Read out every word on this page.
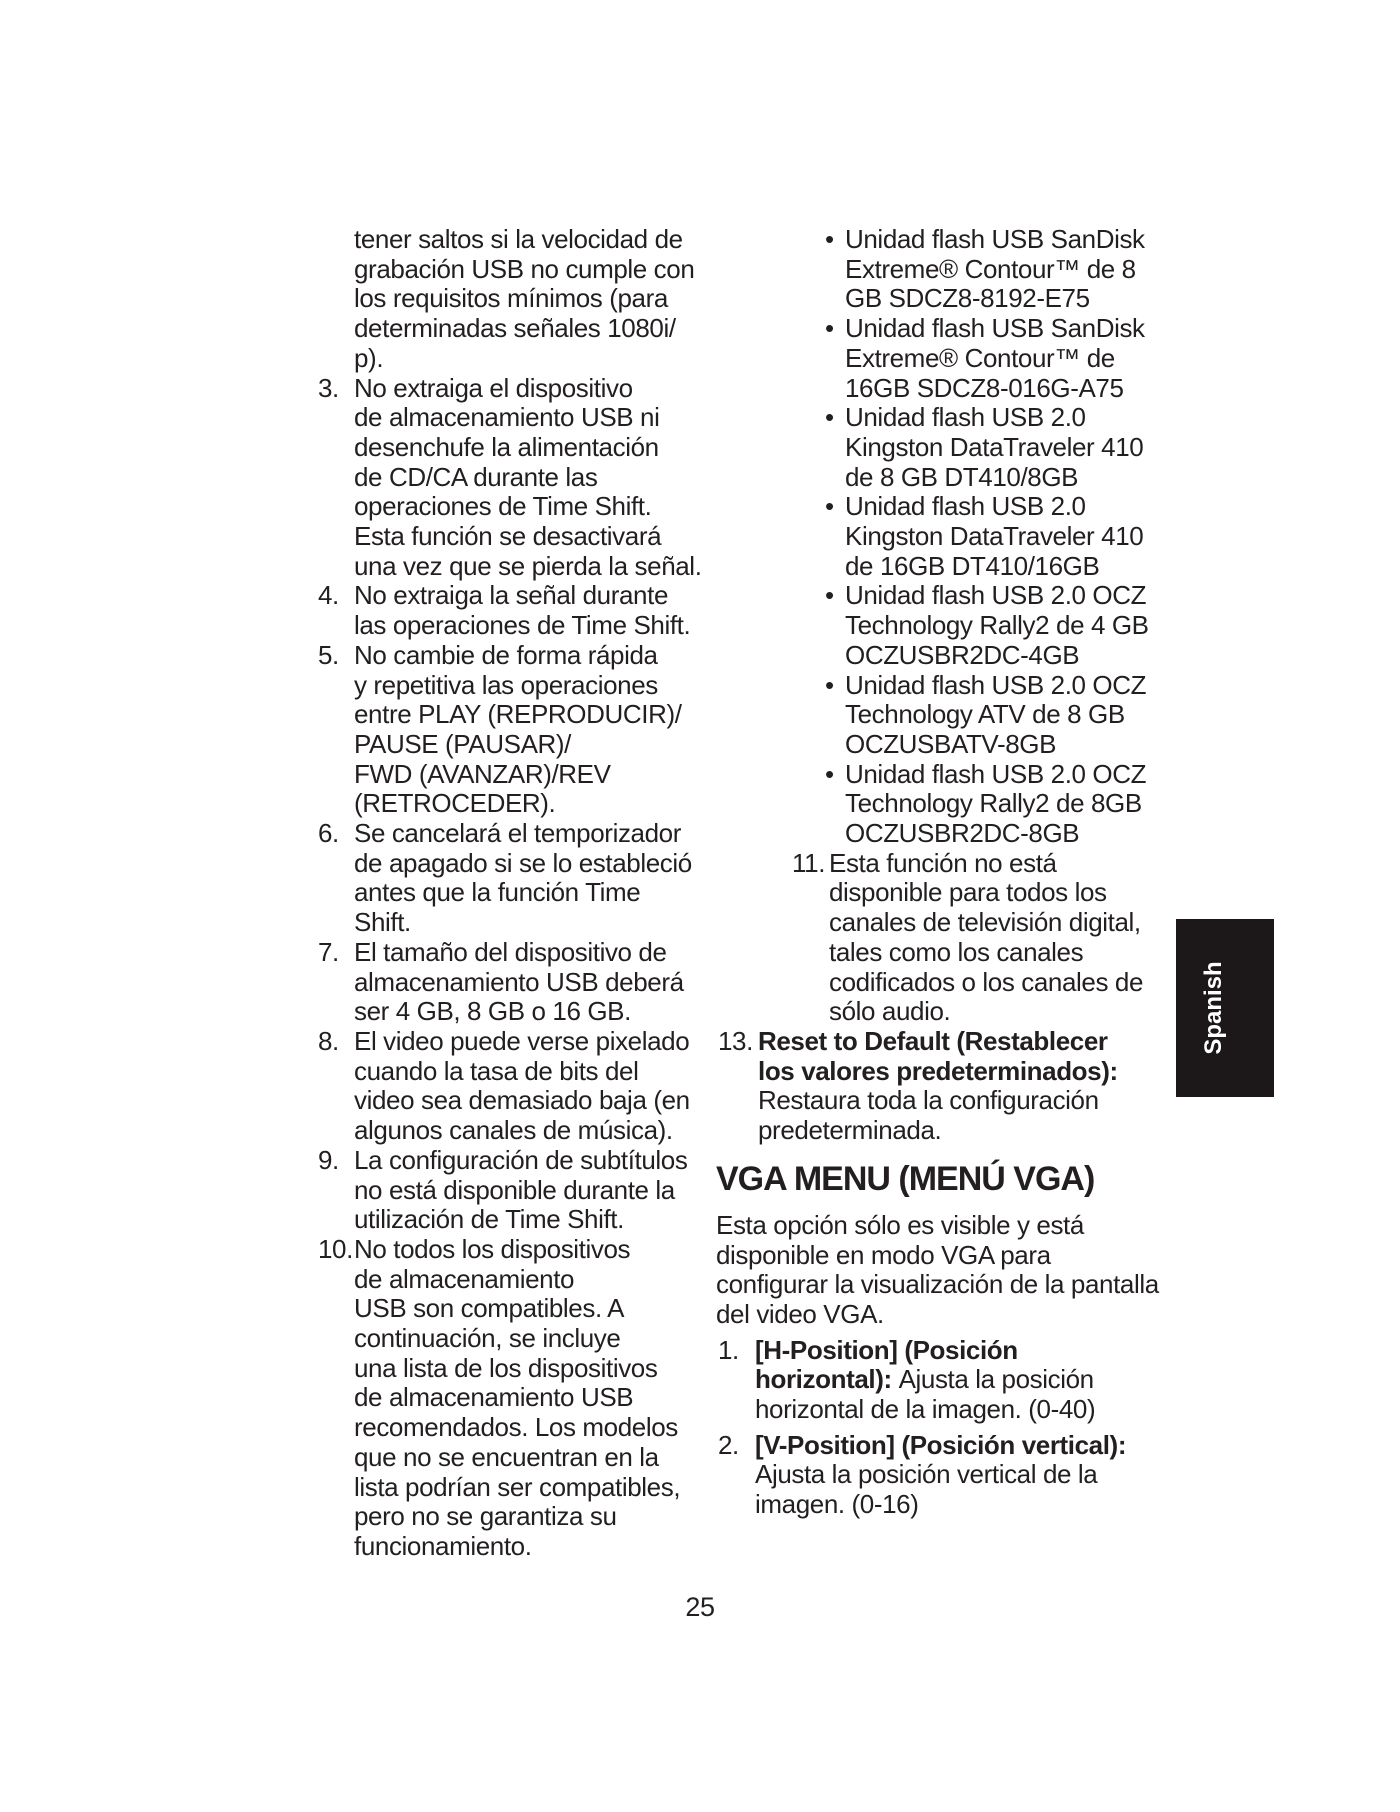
tener saltos si la velocidad de
grabación USB no cumple con
los requisitos mínimos (para
determinadas señales 1080i/
p).
3. No extraiga el dispositivo
de almacenamiento USB ni
desenchufe la alimentación
de CD/CA durante las
operaciones de Time Shift.
Esta función se desactivará
una vez que se pierda la señal.
4. No extraiga la señal durante
las operaciones de Time Shift.
5. No cambie de forma rápida
y repetitiva las operaciones
entre PLAY (REPRODUCIR)/
PAUSE (PAUSAR)/
FWD (AVANZAR)/REV
(RETROCEDER).
6. Se cancelará el temporizador
de apagado si se lo estableció
antes que la función Time
Shift.
7. El tamaño del dispositivo de
almacenamiento USB deberá
ser 4 GB, 8 GB o 16 GB.
8. El video puede verse pixelado
cuando la tasa de bits del
video sea demasiado baja (en
algunos canales de música).
9. La configuración de subtítulos
no está disponible durante la
utilización de Time Shift.
10. No todos los dispositivos
de almacenamiento
USB son compatibles. A
continuación, se incluye
una lista de los dispositivos
de almacenamiento USB
recomendados. Los modelos
que no se encuentran en la
lista podrían ser compatibles,
pero no se garantiza su
funcionamiento.
• Unidad flash USB SanDisk
Extreme® Contour™ de 8
GB SDCZ8-8192-E75
• Unidad flash USB SanDisk
Extreme® Contour™ de
16GB SDCZ8-016G-A75
• Unidad flash USB 2.0
Kingston DataTraveler 410
de 8 GB DT410/8GB
• Unidad flash USB 2.0
Kingston DataTraveler 410
de 16GB DT410/16GB
• Unidad flash USB 2.0 OCZ
Technology Rally2 de 4 GB
OCZUSBR2DC-4GB
• Unidad flash USB 2.0 OCZ
Technology ATV de 8 GB
OCZUSBATV-8GB
• Unidad flash USB 2.0 OCZ
Technology Rally2 de 8GB
OCZUSBR2DC-8GB
11. Esta función no está
disponible para todos los
canales de televisión digital,
tales como los canales
codificados o los canales de
sólo audio.
13. Reset to Default (Restablecer
los valores predeterminados):
Restaura toda la configuración
predeterminada.
VGA MENU (MENÚ VGA)
Esta opción sólo es visible y está
disponible en modo VGA para
configurar la visualización de la pantalla
del video VGA.
1. [H-Position] (Posición
horizontal): Ajusta la posición
horizontal de la imagen. (0-40)
2. [V-Position] (Posición vertical):
Ajusta la posición vertical de la
imagen. (0-16)
Spanish
25
